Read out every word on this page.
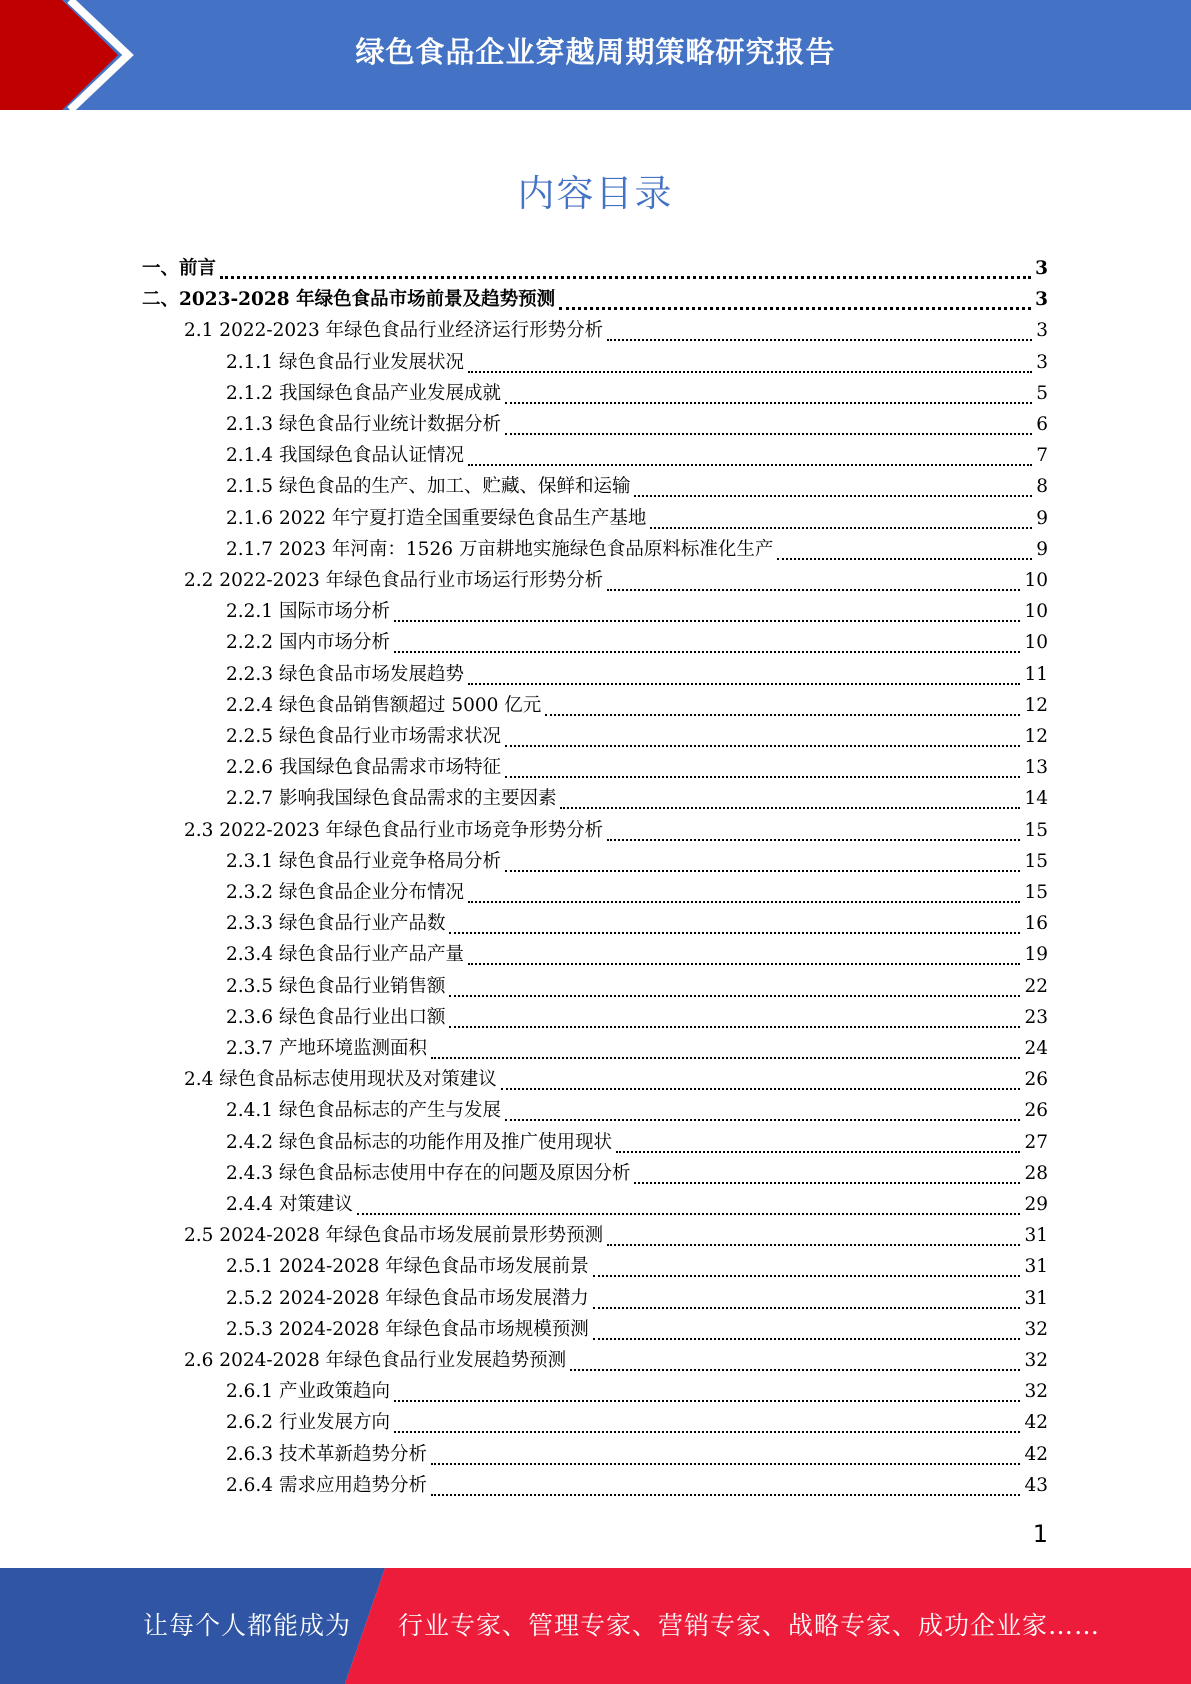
绿色食品企业穿越周期策略研究报告
内容目录
一、前言	3
二、2023-2028 年绿色食品市场前景及趋势预测	3
2.1 2022-2023 年绿色食品行业经济运行形势分析	3
2.1.1 绿色食品行业发展状况	3
2.1.2 我国绿色食品产业发展成就	5
2.1.3 绿色食品行业统计数据分析	6
2.1.4 我国绿色食品认证情况	7
2.1.5 绿色食品的生产、加工、贮藏、保鲜和运输	8
2.1.6 2022 年宁夏打造全国重要绿色食品生产基地	9
2.1.7 2023 年河南：1526 万亩耕地实施绿色食品原料标准化生产	9
2.2 2022-2023 年绿色食品行业市场运行形势分析	10
2.2.1 国际市场分析	10
2.2.2 国内市场分析	10
2.2.3 绿色食品市场发展趋势	11
2.2.4 绿色食品销售额超过 5000 亿元	12
2.2.5 绿色食品行业市场需求状况	12
2.2.6 我国绿色食品需求市场特征	13
2.2.7 影响我国绿色食品需求的主要因素	14
2.3 2022-2023 年绿色食品行业市场竞争形势分析	15
2.3.1 绿色食品行业竞争格局分析	15
2.3.2 绿色食品企业分布情况	15
2.3.3 绿色食品行业产品数	16
2.3.4 绿色食品行业产品产量	19
2.3.5 绿色食品行业销售额	22
2.3.6 绿色食品行业出口额	23
2.3.7 产地环境监测面积	24
2.4 绿色食品标志使用现状及对策建议	26
2.4.1 绿色食品标志的产生与发展	26
2.4.2 绿色食品标志的功能作用及推广使用现状	27
2.4.3 绿色食品标志使用中存在的问题及原因分析	28
2.4.4 对策建议	29
2.5 2024-2028 年绿色食品市场发展前景形势预测	31
2.5.1 2024-2028 年绿色食品市场发展前景	31
2.5.2 2024-2028 年绿色食品市场发展潜力	31
2.5.3 2024-2028 年绿色食品市场规模预测	32
2.6 2024-2028 年绿色食品行业发展趋势预测	32
2.6.1 产业政策趋向	32
2.6.2 行业发展方向	42
2.6.3 技术革新趋势分析	42
2.6.4 需求应用趋势分析	43
1
让每个人都能成为 行业专家、管理专家、营销专家、战略专家、成功企业家……
